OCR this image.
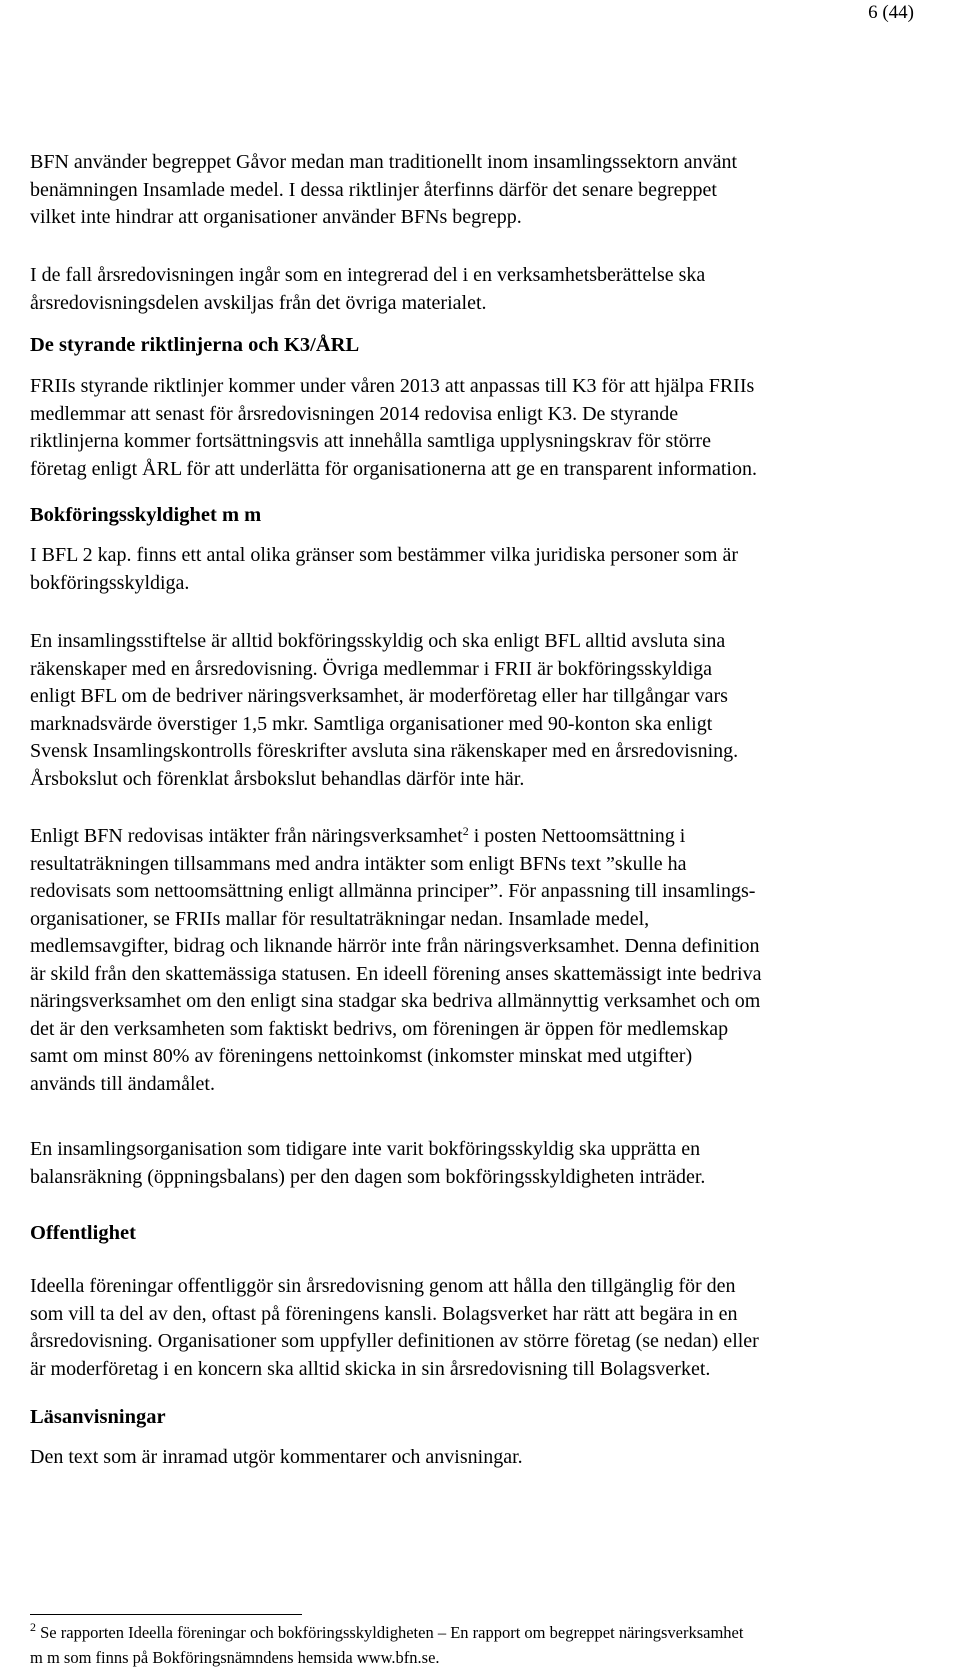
6 (44)

BFN använder begreppet Gåvor medan man traditionellt inom insamlingssektorn använt
benämningen Insamlade medel. I dessa riktlinjer återfinns därför det senare begreppet
vilket inte hindrar att organisationer använder BFNs begrepp.

I de fall årsredovisningen ingår som en integrerad del i en verksamhetsberättelse ska
årsredovisningsdelen avskiljas från det övriga materialet.

De styrande riktlinjerna och K3/ÅRL

FRIIs styrande riktlinjer kommer under våren 2013 att anpassas till K3 för att hjälpa FRIIs
medlemmar att senast för årsredovisningen 2014 redovisa enligt K3. De styrande
riktlinjerna kommer fortsättningsvis att innehålla samtliga upplysningskrav för större
företag enligt ÅRL för att underlätta för organisationerna att ge en transparent information.

Bokföringsskyldighet m m

I BFL 2 kap. finns ett antal olika gränser som bestämmer vilka juridiska personer som är
bokföringsskyldiga.

En insamlingsstiftelse är alltid bokföringsskyldig och ska enligt BFL alltid avsluta sina
räkenskaper med en årsredovisning. Övriga medlemmar i FRII är bokföringsskyldiga
enligt BFL om de bedriver näringsverksamhet, är moderföretag eller har tillgångar vars
marknadsvärde överstiger 1,5 mkr. Samtliga organisationer med 90-konton ska enligt
Svensk Insamlingskontrolls föreskrifter avsluta sina räkenskaper med en årsredovisning.
Årsbokslut och förenklat årsbokslut behandlas därför inte här.

Enligt BFN redovisas intäkter från näringsverksamhet$^2$ i posten Nettoomsättning i
resultaträkningen tillsammans med andra intäkter som enligt BFNs text ”skulle ha
redovisats som nettoomsättning enligt allmänna principer”. För anpassning till insamlings-
organisationer, se FRIIs mallar för resultaträkningar nedan. Insamlade medel,
medlemsavgifter, bidrag och liknande härrör inte från näringsverksamhet. Denna definition
är skild från den skattemässiga statusen. En ideell förening anses skattemässigt inte bedriva
näringsverksamhet om den enligt sina stadgar ska bedriva allmännyttig verksamhet och om
det är den verksamheten som faktiskt bedrivs, om föreningen är öppen för medlemskap
samt om minst 80% av föreningens nettoinkomst (inkomster minskat med utgifter)
används till ändamålet.

En insamlingsorganisation som tidigare inte varit bokföringsskyldig ska upprätta en
balansräkning (öppningsbalans) per den dagen som bokföringsskyldigheten inträder.

Offentlighet

Ideella föreningar offentliggör sin årsredovisning genom att hålla den tillgänglig för den
som vill ta del av den, oftast på föreningens kansli. Bolagsverket har rätt att begära in en
årsredovisning. Organisationer som uppfyller definitionen av större företag (se nedan) eller
är moderföretag i en koncern ska alltid skicka in sin årsredovisning till Bolagsverket.

Läsanvisningar

Den text som är inramad utgör kommentarer och anvisningar.

$^2$ Se rapporten Ideella föreningar och bokföringsskyldigheten – En rapport om begreppet näringsverksamhet
m m som finns på Bokföringsnämndens hemsida www.bfn.se.
